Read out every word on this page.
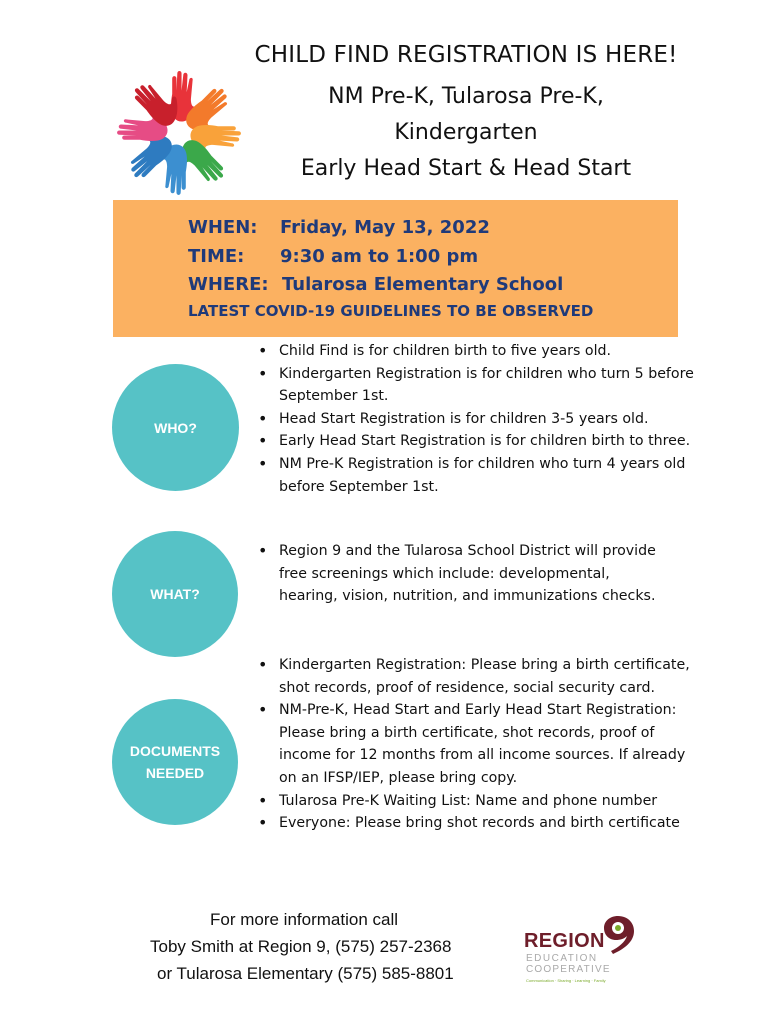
CHILD FIND REGISTRATION IS HERE!
NM Pre-K, Tularosa Pre-K,
Kindergarten
Early Head Start & Head Start
WHEN: Friday, May 13, 2022
TIME: 9:30 am to 1:00 pm
WHERE: Tularosa Elementary School
LATEST COVID-19 GUIDELINES TO BE OBSERVED
WHO?
• Child Find is for children birth to five years old.
• Kindergarten Registration is for children who turn 5 before September 1st.
• Head Start Registration is for children 3-5 years old.
• Early Head Start Registration is for children birth to three.
• NM Pre-K Registration is for children who turn 4 years old before September 1st.
WHAT?
• Region 9 and the Tularosa School District will provide free screenings which include: developmental, hearing, vision, nutrition, and immunizations checks.
DOCUMENTS
NEEDED
• Kindergarten Registration: Please bring a birth certificate, shot records, proof of residence, social security card.
• NM-Pre-K, Head Start and Early Head Start Registration: Please bring a birth certificate, shot records, proof of income for 12 months from all income sources. If already on an IFSP/IEP, please bring copy.
• Tularosa Pre-K Waiting List: Name and phone number
• Everyone: Please bring shot records and birth certificate
For more information call
Toby Smith at Region 9, (575) 257-2368
or Tularosa Elementary (575) 585-8801
REGION
EDUCATION
COOPERATIVE
Communication · Sharing · Learning · Family
